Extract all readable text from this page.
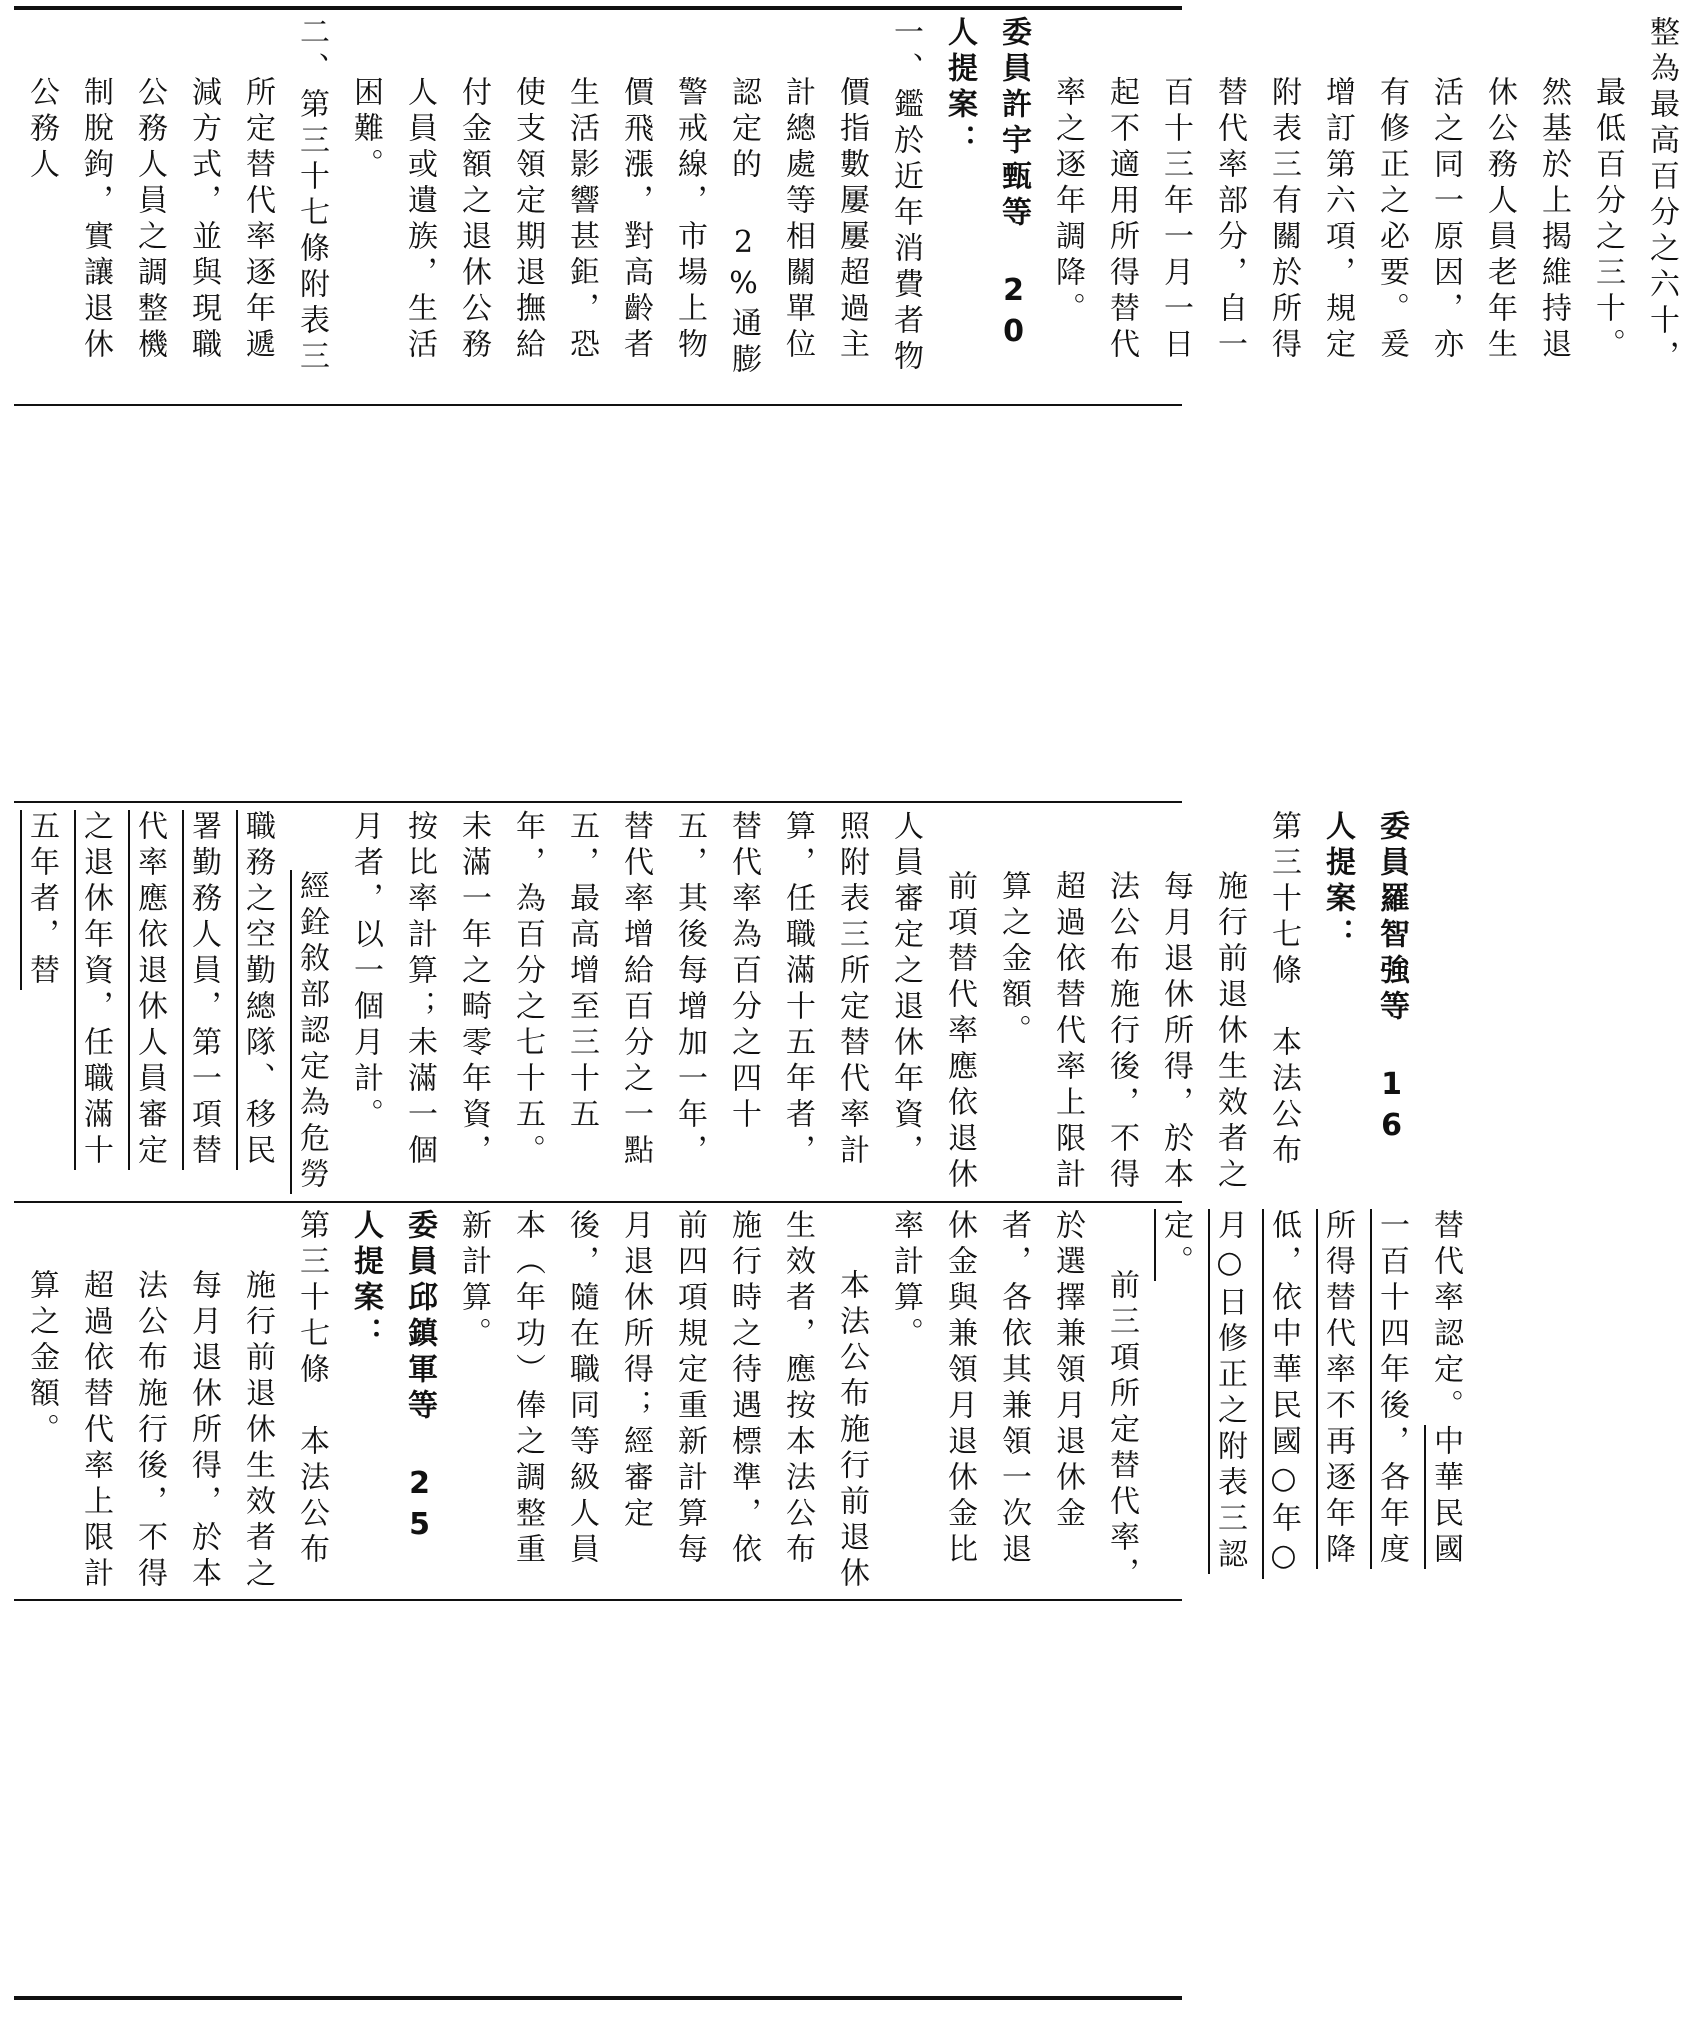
整為最高百分之六十，最低百分之三十。然基於上揭維持退休公務人員老年生活之同一原因，亦有修正之必要。爰增訂第六項，規定附表三有關於所得替代率部分，自一百十三年一月一日起不適用所得替代率之逐年調降。
委員許宇甄等 20 人提案：
一、鑑於近年消費者物價指數屢屢超過主計總處等相關單位認定的 2%通膨警戒線，市場上物價飛漲，對高齡者生活影響甚鉅，恐使支領定期退撫給付金額之退休公務人員或遺族，生活困難。
二、第三十七條附表三所定替代率逐年遞減方式，並與現職公務人員之調整機制脫鉤，實讓退休公務人
委員羅智強等 16 人提案：
第三十七條　本法公布施行前退休生效者之每月退休所得，於本法公布施行後，不得超過依替代率上限計算之金額。
前項替代率應依退休人員審定之退休年資，照附表三所定替代率計算，任職滿十五年者，替代率為百分之四十五，其後每增加一年，替代率增給百分之一點五，最高增至三十五年，為百分之七十五。未滿一年之畸零年資，按比率計算；未滿一個月者，以一個月計。
經銓敘部認定為危勞職務之空勤總隊、移民署勤務人員，第一項替代率應依退休人員審定之退休年資，任職滿十五年者，替
替代率認定。中華民國一百十四年後，各年度所得替代率不再逐年降低，依中華民國○年○月○日修正之附表三認定。
前三項所定替代率，於選擇兼領月退休金者，各依其兼領一次退休金與兼領月退休金比率計算。
本法公布施行前退休生效者，應按本法公布施行時之待遇標準，依前四項規定重新計算每月退休所得；經審定後，隨在職同等級人員本（年功）俸之調整重新計算。
委員邱鎮軍等 25 人提案：
第三十七條　本法公布施行前退休生效者之每月退休所得，於本法公布施行後，不得超過依替代率上限計算之金額。
